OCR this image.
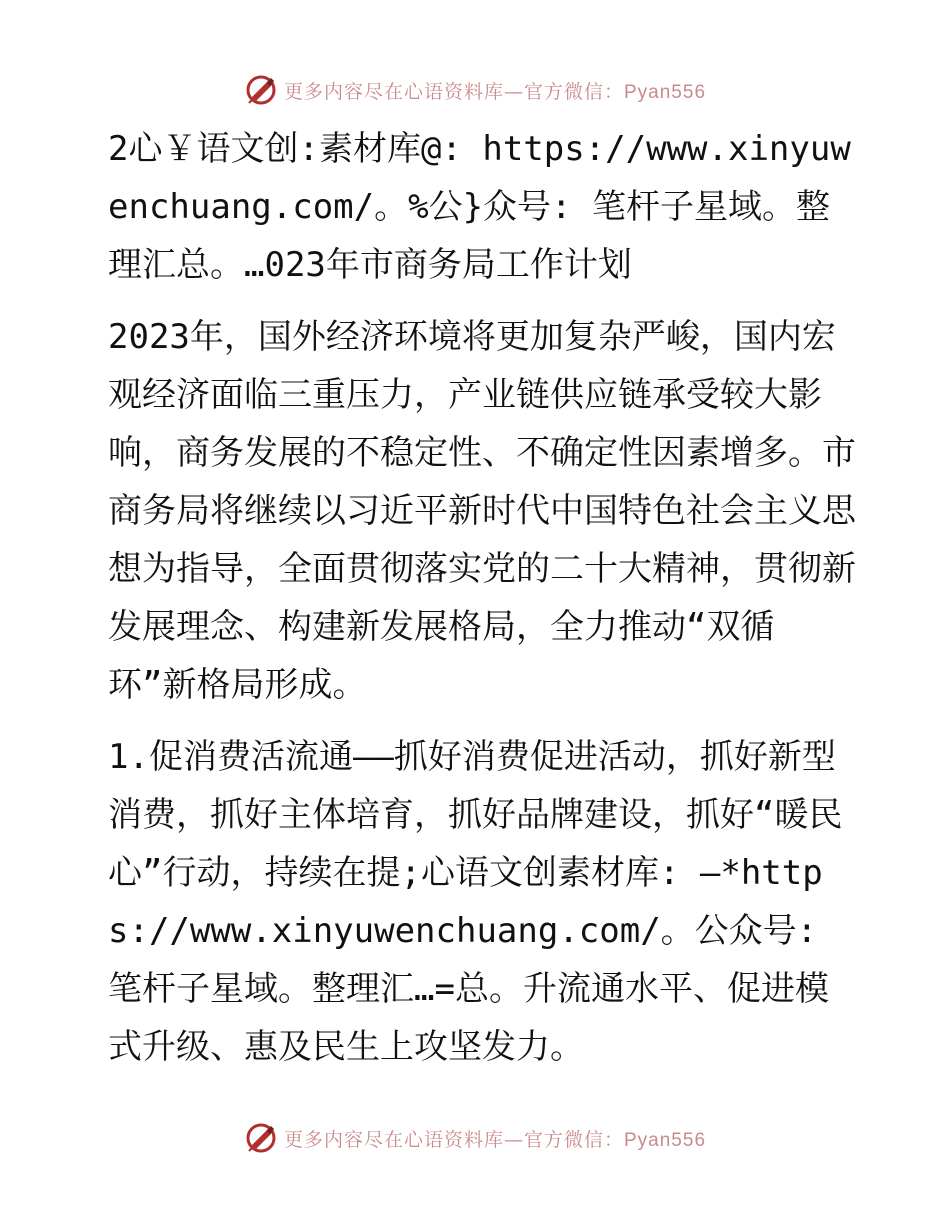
更多内容尽在心语资料库—官方微信：Pyan556

2心￥语文创:素材库@: https://www.xinyuwenchuang.com/。%公}众号: 笔杆子星域。整理汇总。…023年市商务局工作计划

2023年，国外经济环境将更加复杂严峻，国内宏观经济面临三重压力，产业链供应链承受较大影响，商务发展的不稳定性、不确定性因素增多。市商务局将继续以习近平新时代中国特色社会主义思想为指导，全面贯彻落实党的二十大精神，贯彻新发展理念、构建新发展格局，全力推动“双循环”新格局形成。

1.促消费活流通——抓好消费促进活动，抓好新型消费，抓好主体培育，抓好品牌建设，抓好“暖民心”行动，持续在提;心语文创素材库: —*https://www.xinyuwenchuang.com/。公众号: 笔杆子星域。整理汇…=总。升流通水平、促进模式升级、惠及民生上攻坚发力。

更多内容尽在心语资料库—官方微信：Pyan556
